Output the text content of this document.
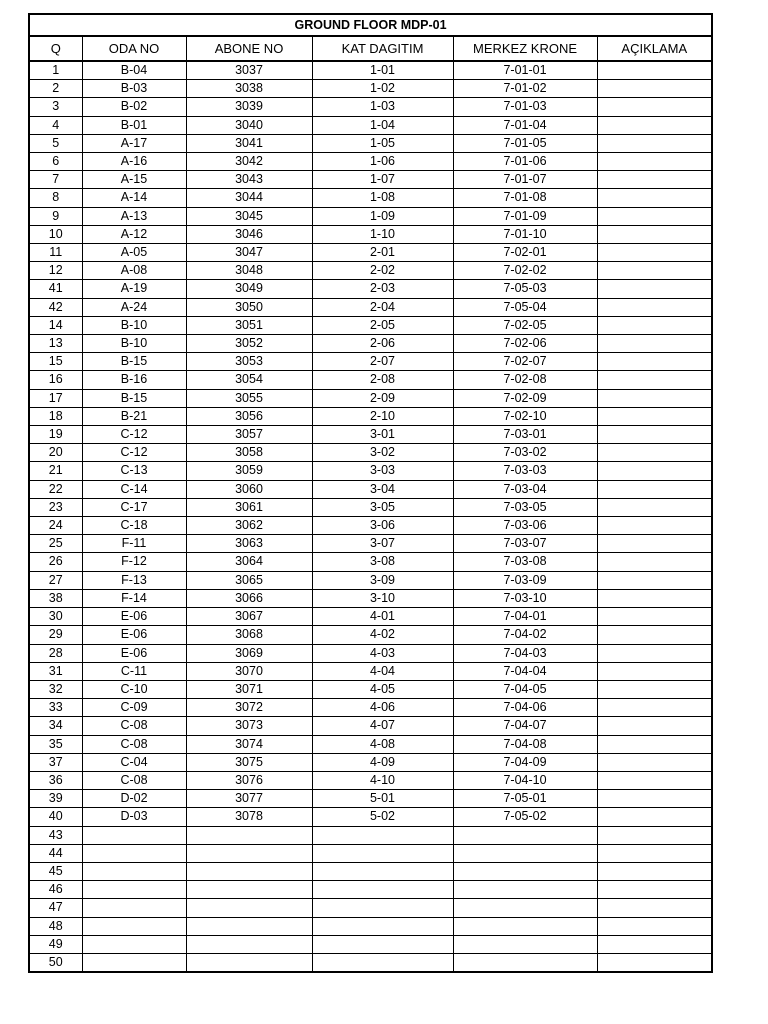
GROUND FLOOR MDP-01					
Q	ODA NO	ABONE NO	KAT DAGITIM	MERKEZ KRONE	AÇIKLAMA
1	B-04	3037	1-01	7-01-01	
2	B-03	3038	1-02	7-01-02	
3	B-02	3039	1-03	7-01-03	
4	B-01	3040	1-04	7-01-04	
5	A-17	3041	1-05	7-01-05	
6	A-16	3042	1-06	7-01-06	
7	A-15	3043	1-07	7-01-07	
8	A-14	3044	1-08	7-01-08	
9	A-13	3045	1-09	7-01-09	
10	A-12	3046	1-10	7-01-10	
11	A-05	3047	2-01	7-02-01	
12	A-08	3048	2-02	7-02-02	
41	A-19	3049	2-03	7-05-03	
42	A-24	3050	2-04	7-05-04	
14	B-10	3051	2-05	7-02-05	
13	B-10	3052	2-06	7-02-06	
15	B-15	3053	2-07	7-02-07	
16	B-16	3054	2-08	7-02-08	
17	B-15	3055	2-09	7-02-09	
18	B-21	3056	2-10	7-02-10	
19	C-12	3057	3-01	7-03-01	
20	C-12	3058	3-02	7-03-02	
21	C-13	3059	3-03	7-03-03	
22	C-14	3060	3-04	7-03-04	
23	C-17	3061	3-05	7-03-05	
24	C-18	3062	3-06	7-03-06	
25	F-11	3063	3-07	7-03-07	
26	F-12	3064	3-08	7-03-08	
27	F-13	3065	3-09	7-03-09	
38	F-14	3066	3-10	7-03-10	
30	E-06	3067	4-01	7-04-01	
29	E-06	3068	4-02	7-04-02	
28	E-06	3069	4-03	7-04-03	
31	C-11	3070	4-04	7-04-04	
32	C-10	3071	4-05	7-04-05	
33	C-09	3072	4-06	7-04-06	
34	C-08	3073	4-07	7-04-07	
35	C-08	3074	4-08	7-04-08	
37	C-04	3075	4-09	7-04-09	
36	C-08	3076	4-10	7-04-10	
39	D-02	3077	5-01	7-05-01	
40	D-03	3078	5-02	7-05-02	
43					
44					
45					
46					
47					
48					
49					
50					
